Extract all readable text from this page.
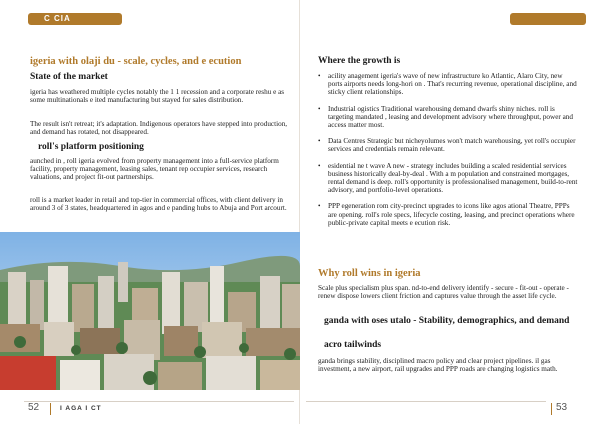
C CIA
igeria with olaji du - scale, cycles, and e ecution
State of the market
igeria has weathered multiple cycles notably the 1 1 recession and a corporate reshu e as some multinationals e ited manufacturing but stayed for sales distribution.
The result isn't retreat; it's adaptation. Indigenous operators have stepped into production, and demand has rotated, not disappeared.
roll's platform positioning
aunched in , roll igeria evolved from property management into a full-service platform facility, property management, leasing sales, tenant rep occupier services, research valuations, and project fit-out partnerships.
roll is a market leader in retail and top-tier in commercial offices, with client delivery in around 3 of 3 states, headquartered in agos and e panding hubs to Abuja and Port arcourt.
Where the growth is
• acility anagement igeria's wave of new infrastructure ko Atlantic, Alaro City, new ports airports needs long-hori on . That's recurring revenue, operational discipline, and sticky client relationships.
• Industrial ogistics Traditional warehousing demand dwarfs shiny niches. roll is targeting mandated , leasing and development advisory where throughput, power and access matter most.
• Data Centres Strategic but nicheyolumes won't match warehousing, yet roll's occupier services and credentials remain relevant.
• esidential ne t wave A new - strategy includes building a scaled residential services business historically deal-by-deal . With a m population and constrained mortgages, rental demand is deep. roll's opportunity is professionalised management, build-to-rent advisory, and portfolio-level operations.
• PPP egeneration rom city-precinct upgrades to icons like agos ational Theatre, PPPs are opening. roll's role specs, lifecycle costing, leasing, and precinct operations where public-private capital meets e ecution risk.
Why roll wins in igeria
Scale plus specialism plus span. nd-to-end delivery identify - secure - fit-out - operate - renew dispose lowers client friction and captures value through the asset life cycle.
ganda with oses utalo - Stability, demographics, and demand
acro tailwinds
ganda brings stability, disciplined macro policy and clear project pipelines. il gas investment, a new airport, rail upgrades and PPP roads are changing logistics math.
52	I AGA I CT	53
